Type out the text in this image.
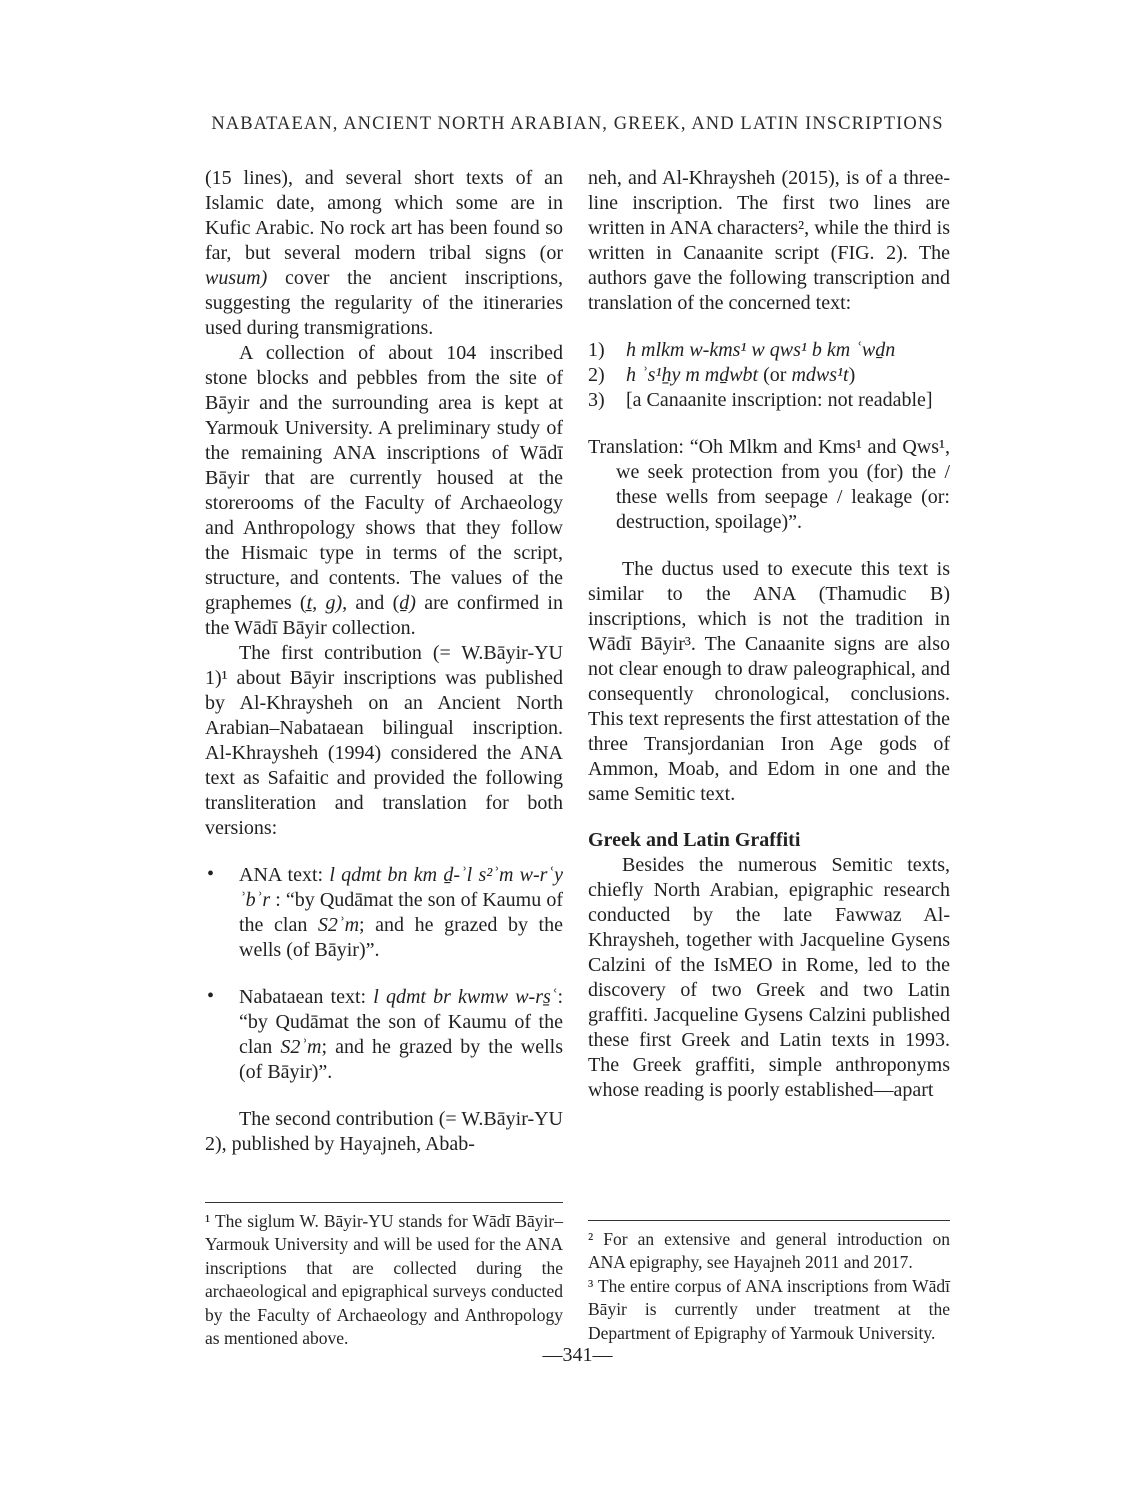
NABATAEAN, ANCIENT NORTH ARABIAN, GREEK, AND LATIN INSCRIPTIONS

(15 lines), and several short texts of an Islamic date, among which some are in Kufic Arabic. No rock art has been found so far, but several modern tribal signs (or wusum) cover the ancient inscriptions, suggesting the regularity of the itineraries used during transmigrations.

A collection of about 104 inscribed stone blocks and pebbles from the site of Bāyir and the surrounding area is kept at Yarmouk University. A preliminary study of the remaining ANA inscriptions of Wādī Bāyir that are currently housed at the storerooms of the Faculty of Archaeology and Anthropology shows that they follow the Hismaic type in terms of the script, structure, and contents. The values of the graphemes (ṯ, g), and (ḏ) are confirmed in the Wādī Bāyir collection.

The first contribution (= W.Bāyir-YU 1)¹ about Bāyir inscriptions was published by Al-Khraysheh on an Ancient North Arabian–Nabataean bilingual inscription. Al-Khraysheh (1994) considered the ANA text as Safaitic and provided the following transliteration and translation for both versions:

• ANA text: l qdmt bn km ḏ-ʾl s²ʾm w-rʿy ʾbʾr : “by Qudāmat the son of Kaumu of the clan S2ʾm; and he grazed by the wells (of Bāyir)”.

• Nabataean text: l qdmt br kwmw w-rs̱ʿ: “by Qudāmat the son of Kaumu of the clan S2ʾm; and he grazed by the wells (of Bāyir)”.

The second contribution (= W.Bāyir-YU 2), published by Hayajneh, Abab-

neh, and Al-Khraysheh (2015), is of a three-line inscription. The first two lines are written in ANA characters², while the third is written in Canaanite script (FIG. 2). The authors gave the following transcription and translation of the concerned text:

1) h mlkm w-kms¹ w qws¹ b km ʿwḏn

2) h ʾs¹ẖy m mḏwbt (or mdws¹t)

3) [a Canaanite inscription: not readable]

Translation: “Oh Mlkm and Kms¹ and Qws¹, we seek protection from you (for) the / these wells from seepage / leakage (or: destruction, spoilage)”.

The ductus used to execute this text is similar to the ANA (Thamudic B) inscriptions, which is not the tradition in Wādī Bāyir³. The Canaanite signs are also not clear enough to draw paleographical, and consequently chronological, conclusions. This text represents the first attestation of the three Transjordanian Iron Age gods of Ammon, Moab, and Edom in one and the same Semitic text.

Greek and Latin Graffiti

Besides the numerous Semitic texts, chiefly North Arabian, epigraphic research conducted by the late Fawwaz Al-Khraysheh, together with Jacqueline Gysens Calzini of the IsMEO in Rome, led to the discovery of two Greek and two Latin graffiti. Jacqueline Gysens Calzini published these first Greek and Latin texts in 1993. The Greek graffiti, simple anthroponyms whose reading is poorly established—apart

¹ The siglum W. Bāyir-YU stands for Wādī Bāyir–Yarmouk University and will be used for the ANA inscriptions that are collected during the archaeological and epigraphical surveys conducted by the Faculty of Archaeology and Anthropology as mentioned above.

² For an extensive and general introduction on ANA epigraphy, see Hayajneh 2011 and 2017.

³ The entire corpus of ANA inscriptions from Wādī Bāyir is currently under treatment at the Department of Epigraphy of Yarmouk University.

—341—
